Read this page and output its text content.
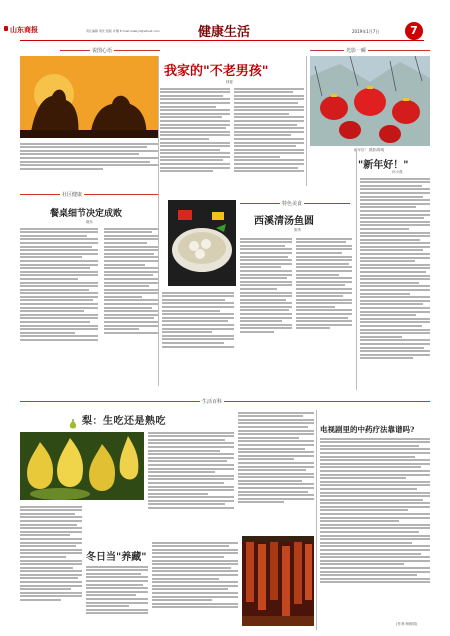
山东商报	责任编辑 周先 组版 许娜 E-mail:sdsbyd@sdnet.com	健康生活	2019年1月7日	7
说图心语
我家的"不老男孩"
林夏
光影一瞬
新年好！ 摄影/陈明
"新年好！"
孙小燕
社区健康
餐桌细节决定成败
晓东
特色美食
西溪清汤鱼圆
陈秀
生活百科
梨：生吃还是熟吃
冬日当"养藏"
电视剧里的中药疗法靠谱吗?
(作者:杨树明)
